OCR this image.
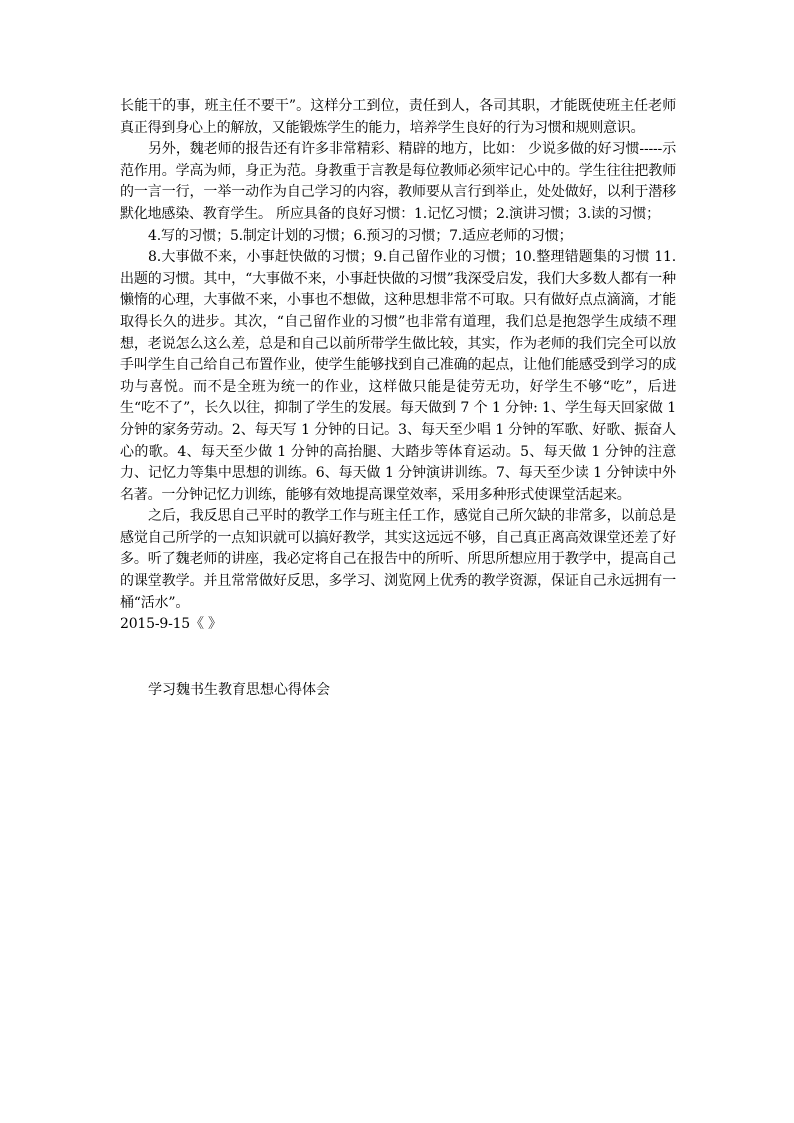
长能干的事，班主任不要干”。这样分工到位，责任到人，各司其职，才能既使班主任老师真正得到身心上的解放，又能锻炼学生的能力，培养学生良好的行为习惯和规则意识。

另外，魏老师的报告还有许多非常精彩、精辟的地方，比如： 少说多做的好习惯-----示范作用。学高为师，身正为范。身教重于言教是每位教师必须牢记心中的。学生往往把教师的一言一行，一举一动作为自己学习的内容，教师要从言行到举止，处处做好，以利于潜移默化地感染、教育学生。 所应具备的良好习惯：1.记忆习惯；2.演讲习惯；3.读的习惯；

4.写的习惯；5.制定计划的习惯；6.预习的习惯；7.适应老师的习惯；

8.大事做不来，小事赶快做的习惯；9.自己留作业的习惯；10.整理错题集的习惯 11.出题的习惯。其中，“大事做不来，小事赶快做的习惯”我深受启发，我们大多数人都有一种懒惰的心理，大事做不来，小事也不想做，这种思想非常不可取。只有做好点点滴滴，才能取得长久的进步。其次，“自己留作业的习惯”也非常有道理，我们总是抱怨学生成绩不理想，老说怎么这么差，总是和自己以前所带学生做比较，其实，作为老师的我们完全可以放手叫学生自己给自己布置作业，使学生能够找到自己准确的起点，让他们能感受到学习的成功与喜悦。而不是全班为统一的作业，这样做只能是徒劳无功，好学生不够“吃”，后进生“吃不了”，长久以往，抑制了学生的发展。每天做到 7 个 1 分钟: 1、学生每天回家做 1 分钟的家务劳动。2、每天写 1 分钟的日记。3、每天至少唱 1 分钟的军歌、好歌、振奋人心的歌。4、每天至少做 1 分钟的高抬腿、大踏步等体育运动。5、每天做 1 分钟的注意力、记忆力等集中思想的训练。6、每天做 1 分钟演讲训练。7、每天至少读 1 分钟读中外名著。一分钟记忆力训练，能够有效地提高课堂效率，采用多种形式使课堂活起来。

之后，我反思自己平时的教学工作与班主任工作，感觉自己所欠缺的非常多，以前总是感觉自己所学的一点知识就可以搞好教学，其实这远远不够，自己真正离高效课堂还差了好多。听了魏老师的讲座，我必定将自己在报告中的所听、所思所想应用于教学中，提高自己的课堂教学。并且常常做好反思，多学习、浏览网上优秀的教学资源，保证自己永远拥有一桶“活水”。

2015-9-15《 》

学习魏书生教育思想心得体会
